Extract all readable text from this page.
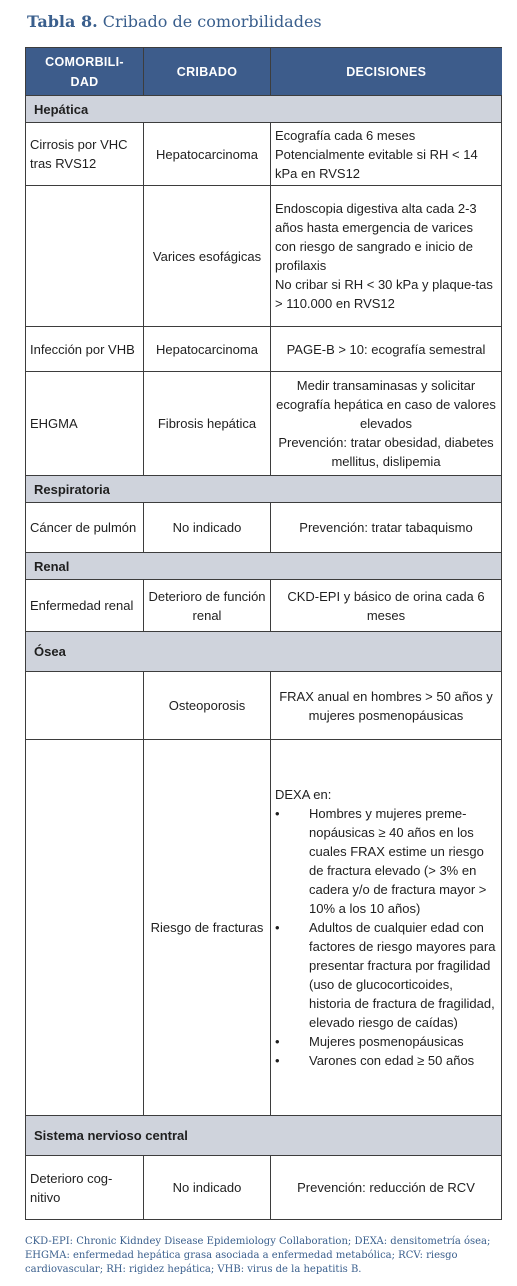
Tabla 8. Cribado de comorbilidades
COMORBILI-
DAD	CRIBADO	DECISIONES
Hepática		
Cirrosis por VHC tras RVS12	Hepatocarcinoma	Ecografía cada 6 meses
Potencialmente evitable si RH < 14 kPa en RVS12
	Varices esofágicas	Endoscopia digestiva alta cada 2-3 años hasta emergencia de varices con riesgo de sangrado e inicio de profilaxis
No cribar si RH < 30 kPa y plaque-tas > 110.000 en RVS12
Infección por VHB	Hepatocarcinoma	PAGE-B > 10: ecografía semestral
EHGMA	Fibrosis hepática	Medir transaminasas y solicitar ecografía hepática en caso de valores elevados
Prevención: tratar obesidad, diabetes mellitus, dislipemia
Respiratoria		
Cáncer de pulmón	No indicado	Prevención: tratar tabaquismo
Renal		
Enfermedad renal	Deterioro de función renal	CKD-EPI y básico de orina cada 6 meses
Ósea		
	Osteoporosis	FRAX anual en hombres > 50 años y mujeres posmenopáusicas
	Riesgo de fracturas	DEXA en:
• Hombres y mujeres preme-nopáusicas ≥ 40 años en los cuales FRAX estime un riesgo de fractura elevado (> 3% en cadera y/o de fractura mayor > 10% a los 10 años)
• Adultos de cualquier edad con factores de riesgo mayores para presentar fractura por fragilidad (uso de glucocorticoides, historia de fractura de fragilidad, elevado riesgo de caídas)
• Mujeres posmenopáusicas
• Varones con edad ≥ 50 años

Sistema nervioso central		
Deterioro cog-nitivo	No indicado	Prevención: reducción de RCV
CKD-EPI: Chronic Kidndey Disease Epidemiology Collaboration; DEXA: densitometría ósea; EHGMA: enfermedad hepática grasa asociada a enfermedad metabólica; RCV: riesgo cardiovascular; RH: rigidez hepática; VHB: virus de la hepatitis B.
